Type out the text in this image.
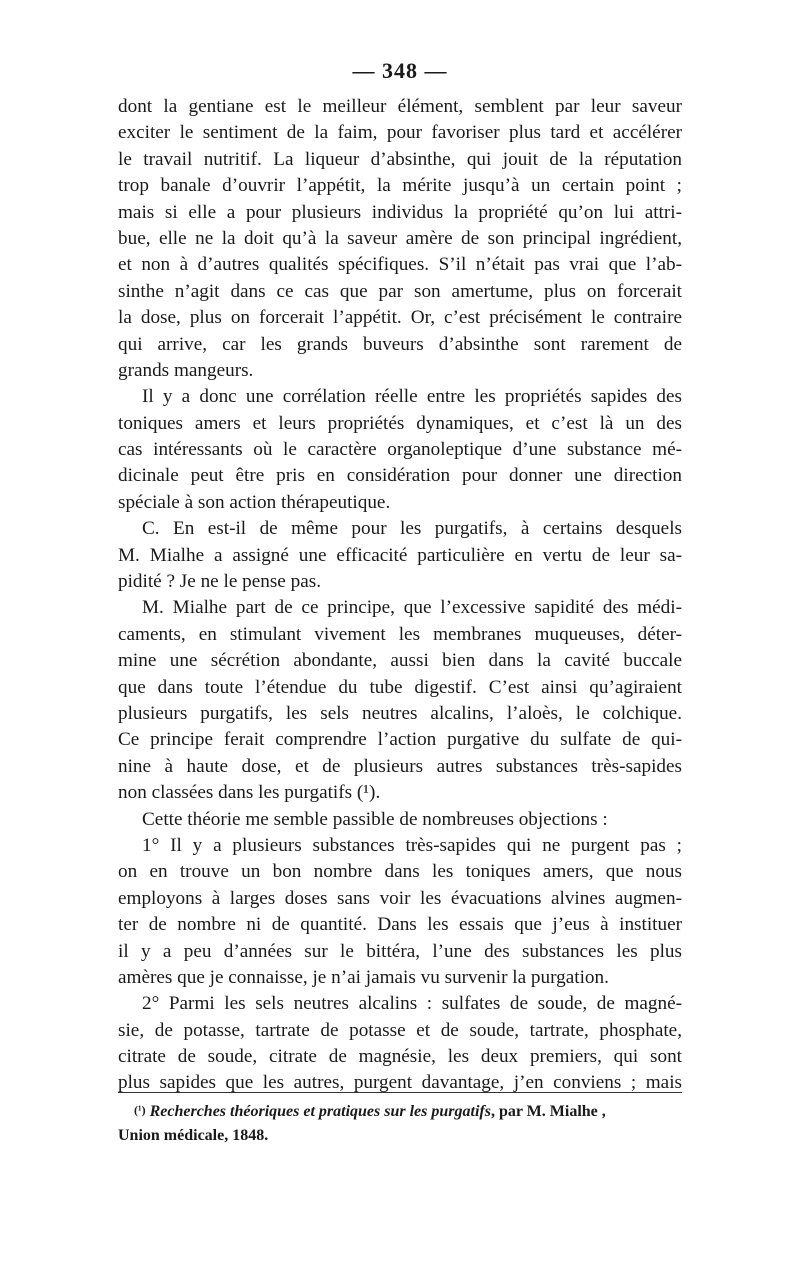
— 348 —
dont la gentiane est le meilleur élément, semblent par leur saveur
exciter le sentiment de la faim, pour favoriser plus tard et accélérer
le travail nutritif. La liqueur d’absinthe, qui jouit de la réputation
trop banale d’ouvrir l’appétit, la mérite jusqu’à un certain point ;
mais si elle a pour plusieurs individus la propriété qu’on lui attri-
bue, elle ne la doit qu’à la saveur amère de son principal ingrédient,
et non à d’autres qualités spécifiques. S’il n’était pas vrai que l’ab-
sinthe n’agit dans ce cas que par son amertume, plus on forcerait
la dose, plus on forcerait l’appétit. Or, c’est précisément le contraire
qui arrive, car les grands buveurs d’absinthe sont rarement de
grands mangeurs.
Il y a donc une corrélation réelle entre les propriétés sapides des
toniques amers et leurs propriétés dynamiques, et c’est là un des
cas intéressants où le caractère organoleptique d’une substance mé-
dicinale peut être pris en considération pour donner une direction
spéciale à son action thérapeutique.
C. En est-il de même pour les purgatifs, à certains desquels
M. Mialhe a assigné une efficacité particulière en vertu de leur sa-
pidité ? Je ne le pense pas.
M. Mialhe part de ce principe, que l’excessive sapidité des médi-
caments, en stimulant vivement les membranes muqueuses, déter-
mine une sécrétion abondante, aussi bien dans la cavité buccale
que dans toute l’étendue du tube digestif. C’est ainsi qu’agiraient
plusieurs purgatifs, les sels neutres alcalins, l’aloès, le colchique.
Ce principe ferait comprendre l’action purgative du sulfate de qui-
nine à haute dose, et de plusieurs autres substances très-sapides
non classées dans les purgatifs (¹).
Cette théorie me semble passible de nombreuses objections :
1° Il y a plusieurs substances très-sapides qui ne purgent pas ;
on en trouve un bon nombre dans les toniques amers, que nous
employons à larges doses sans voir les évacuations alvines augmen-
ter de nombre ni de quantité. Dans les essais que j’eus à instituer
il y a peu d’années sur le bittéra, l’une des substances les plus
amères que je connaisse, je n’ai jamais vu survenir la purgation.
2° Parmi les sels neutres alcalins : sulfates de soude, de magné-
sie, de potasse, tartrate de potasse et de soude, tartrate, phosphate,
citrate de soude, citrate de magnésie, les deux premiers, qui sont
plus sapides que les autres, purgent davantage, j’en conviens ; mais
$^{(^1)}$ Recherches théoriques et pratiques sur les purgatifs, par M. Mialhe ,
Union médicale, 1848.
